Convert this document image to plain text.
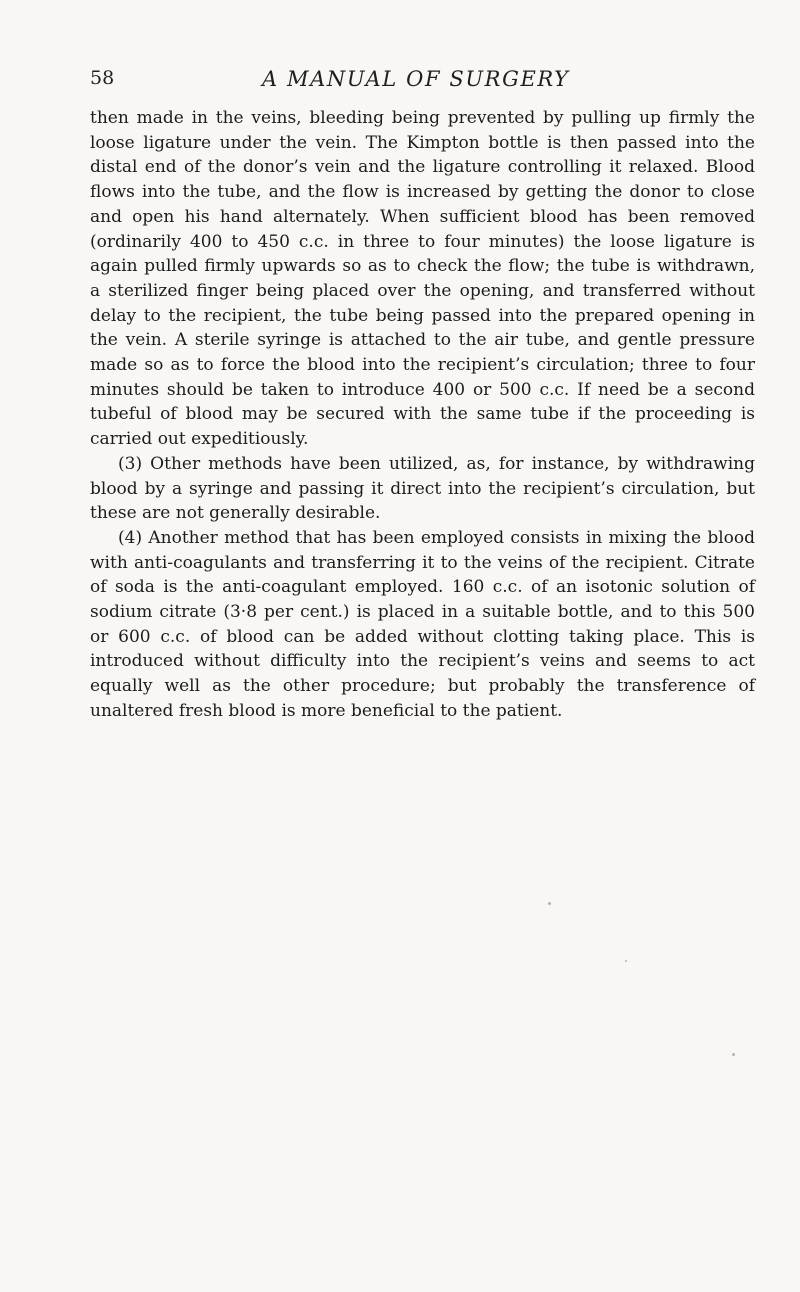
58	A MANUAL OF SURGERY

then made in the veins, bleeding being prevented by pulling up firmly the loose ligature under the vein. The Kimpton bottle is then passed into the distal end of the donor’s vein and the ligature controlling it relaxed. Blood flows into the tube, and the flow is increased by getting the donor to close and open his hand alternately. When sufficient blood has been removed (ordinarily 400 to 450 c.c. in three to four minutes) the loose ligature is again pulled firmly upwards so as to check the flow; the tube is withdrawn, a sterilized finger being placed over the opening, and transferred without delay to the recipient, the tube being passed into the prepared opening in the vein. A sterile syringe is attached to the air tube, and gentle pressure made so as to force the blood into the recipient’s circulation; three to four minutes should be taken to introduce 400 or 500 c.c. If need be a second tubeful of blood may be secured with the same tube if the proceeding is carried out expeditiously.

(3) Other methods have been utilized, as, for instance, by withdrawing blood by a syringe and passing it direct into the recipient’s circulation, but these are not generally desirable.

(4) Another method that has been employed consists in mixing the blood with anti-coagulants and transferring it to the veins of the recipient. Citrate of soda is the anti-coagulant employed. 160 c.c. of an isotonic solution of sodium citrate (3·8 per cent.) is placed in a suitable bottle, and to this 500 or 600 c.c. of blood can be added without clotting taking place. This is introduced without difficulty into the recipient’s veins and seems to act equally well as the other procedure; but probably the transference of unaltered fresh blood is more beneficial to the patient.
